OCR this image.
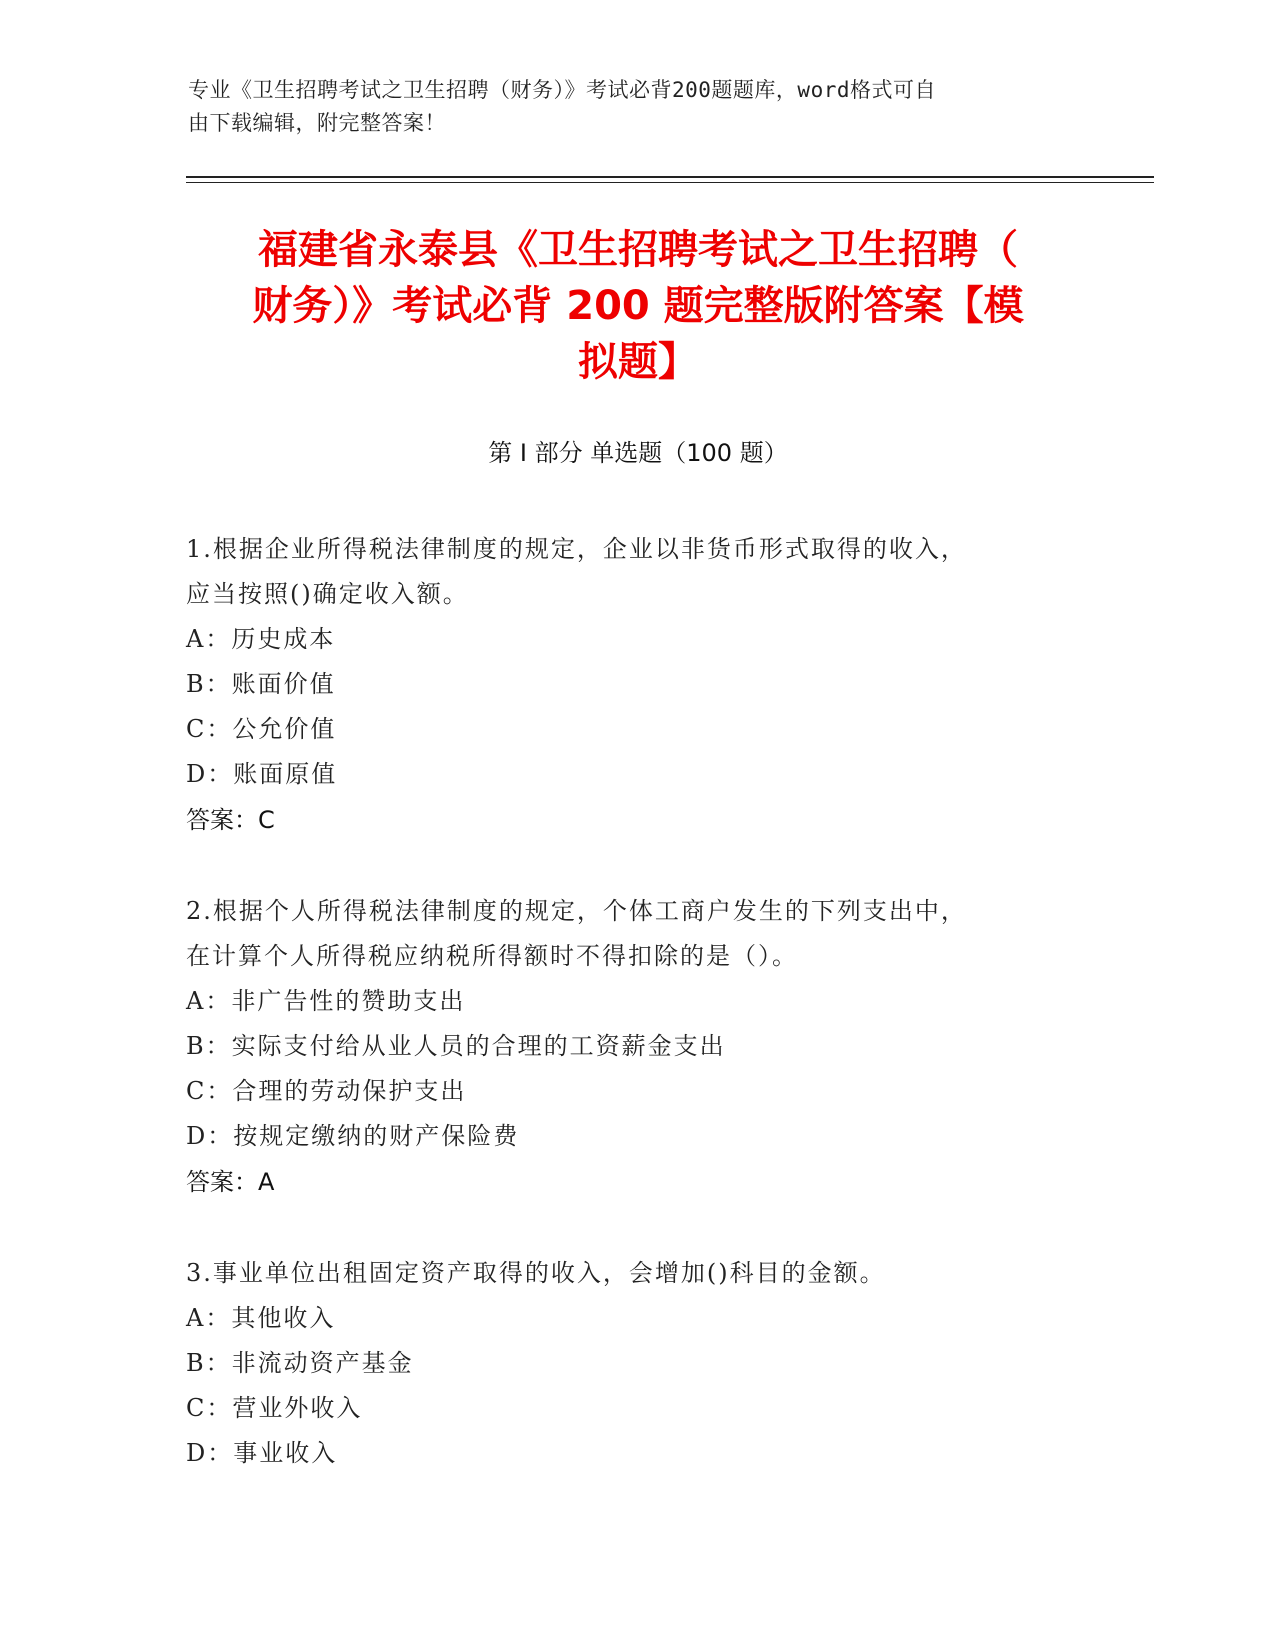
专业《卫生招聘考试之卫生招聘（财务）》考试必背200题题库，word格式可自
由下载编辑，附完整答案！
福建省永泰县《卫生招聘考试之卫生招聘（
财务）》考试必背 200 题完整版附答案【模
拟题】
第 I 部分 单选题（100 题）
1.根据企业所得税法律制度的规定，企业以非货币形式取得的收入，
应当按照()确定收入额。
A：历史成本
B：账面价值
C：公允价值
D：账面原值
答案：C
2.根据个人所得税法律制度的规定，个体工商户发生的下列支出中，
在计算个人所得税应纳税所得额时不得扣除的是（）。
A：非广告性的赞助支出
B：实际支付给从业人员的合理的工资薪金支出
C：合理的劳动保护支出
D：按规定缴纳的财产保险费
答案：A
3.事业单位出租固定资产取得的收入，会增加()科目的金额。
A：其他收入
B：非流动资产基金
C：营业外收入
D：事业收入
